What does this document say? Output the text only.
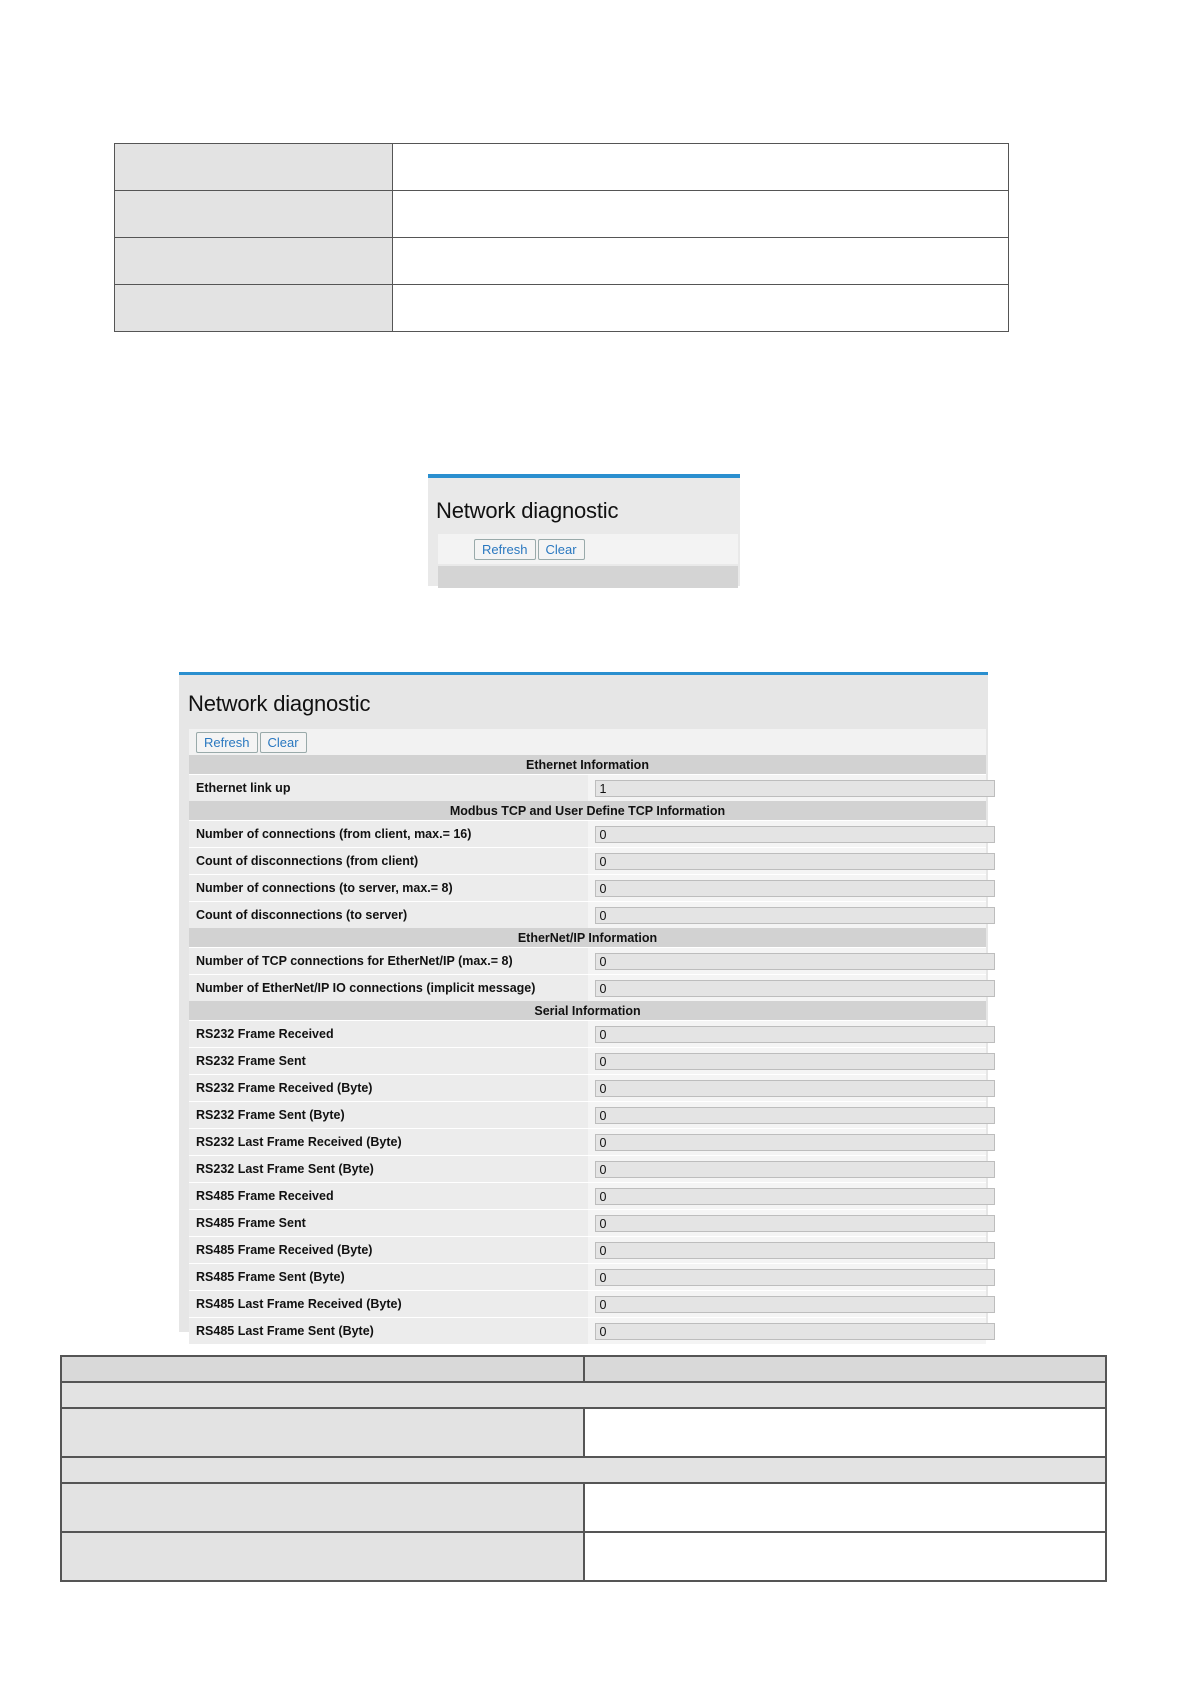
Network diagnostic
Refresh Clear
Network diagnostic
Refresh Clear	
Ethernet Information	
Ethernet link up	1

Modbus TCP and User Define TCP Information	
Number of connections (from client, max.= 16)	0

Count of disconnections (from client)	0

Number of connections (to server, max.= 8)	0

Count of disconnections (to server)	0

EtherNet/IP Information	
Number of TCP connections for EtherNet/IP (max.= 8)	0

Number of EtherNet/IP IO connections (implicit message)	0

Serial Information	
RS232 Frame Received	0

RS232 Frame Sent	0

RS232 Frame Received (Byte)	0

RS232 Frame Sent (Byte)	0

RS232 Last Frame Received (Byte)	0

RS232 Last Frame Sent (Byte)	0

RS485 Frame Received	0

RS485 Frame Sent	0

RS485 Frame Received (Byte)	0

RS485 Frame Sent (Byte)	0

RS485 Last Frame Received (Byte)	0

RS485 Last Frame Sent (Byte)	0
